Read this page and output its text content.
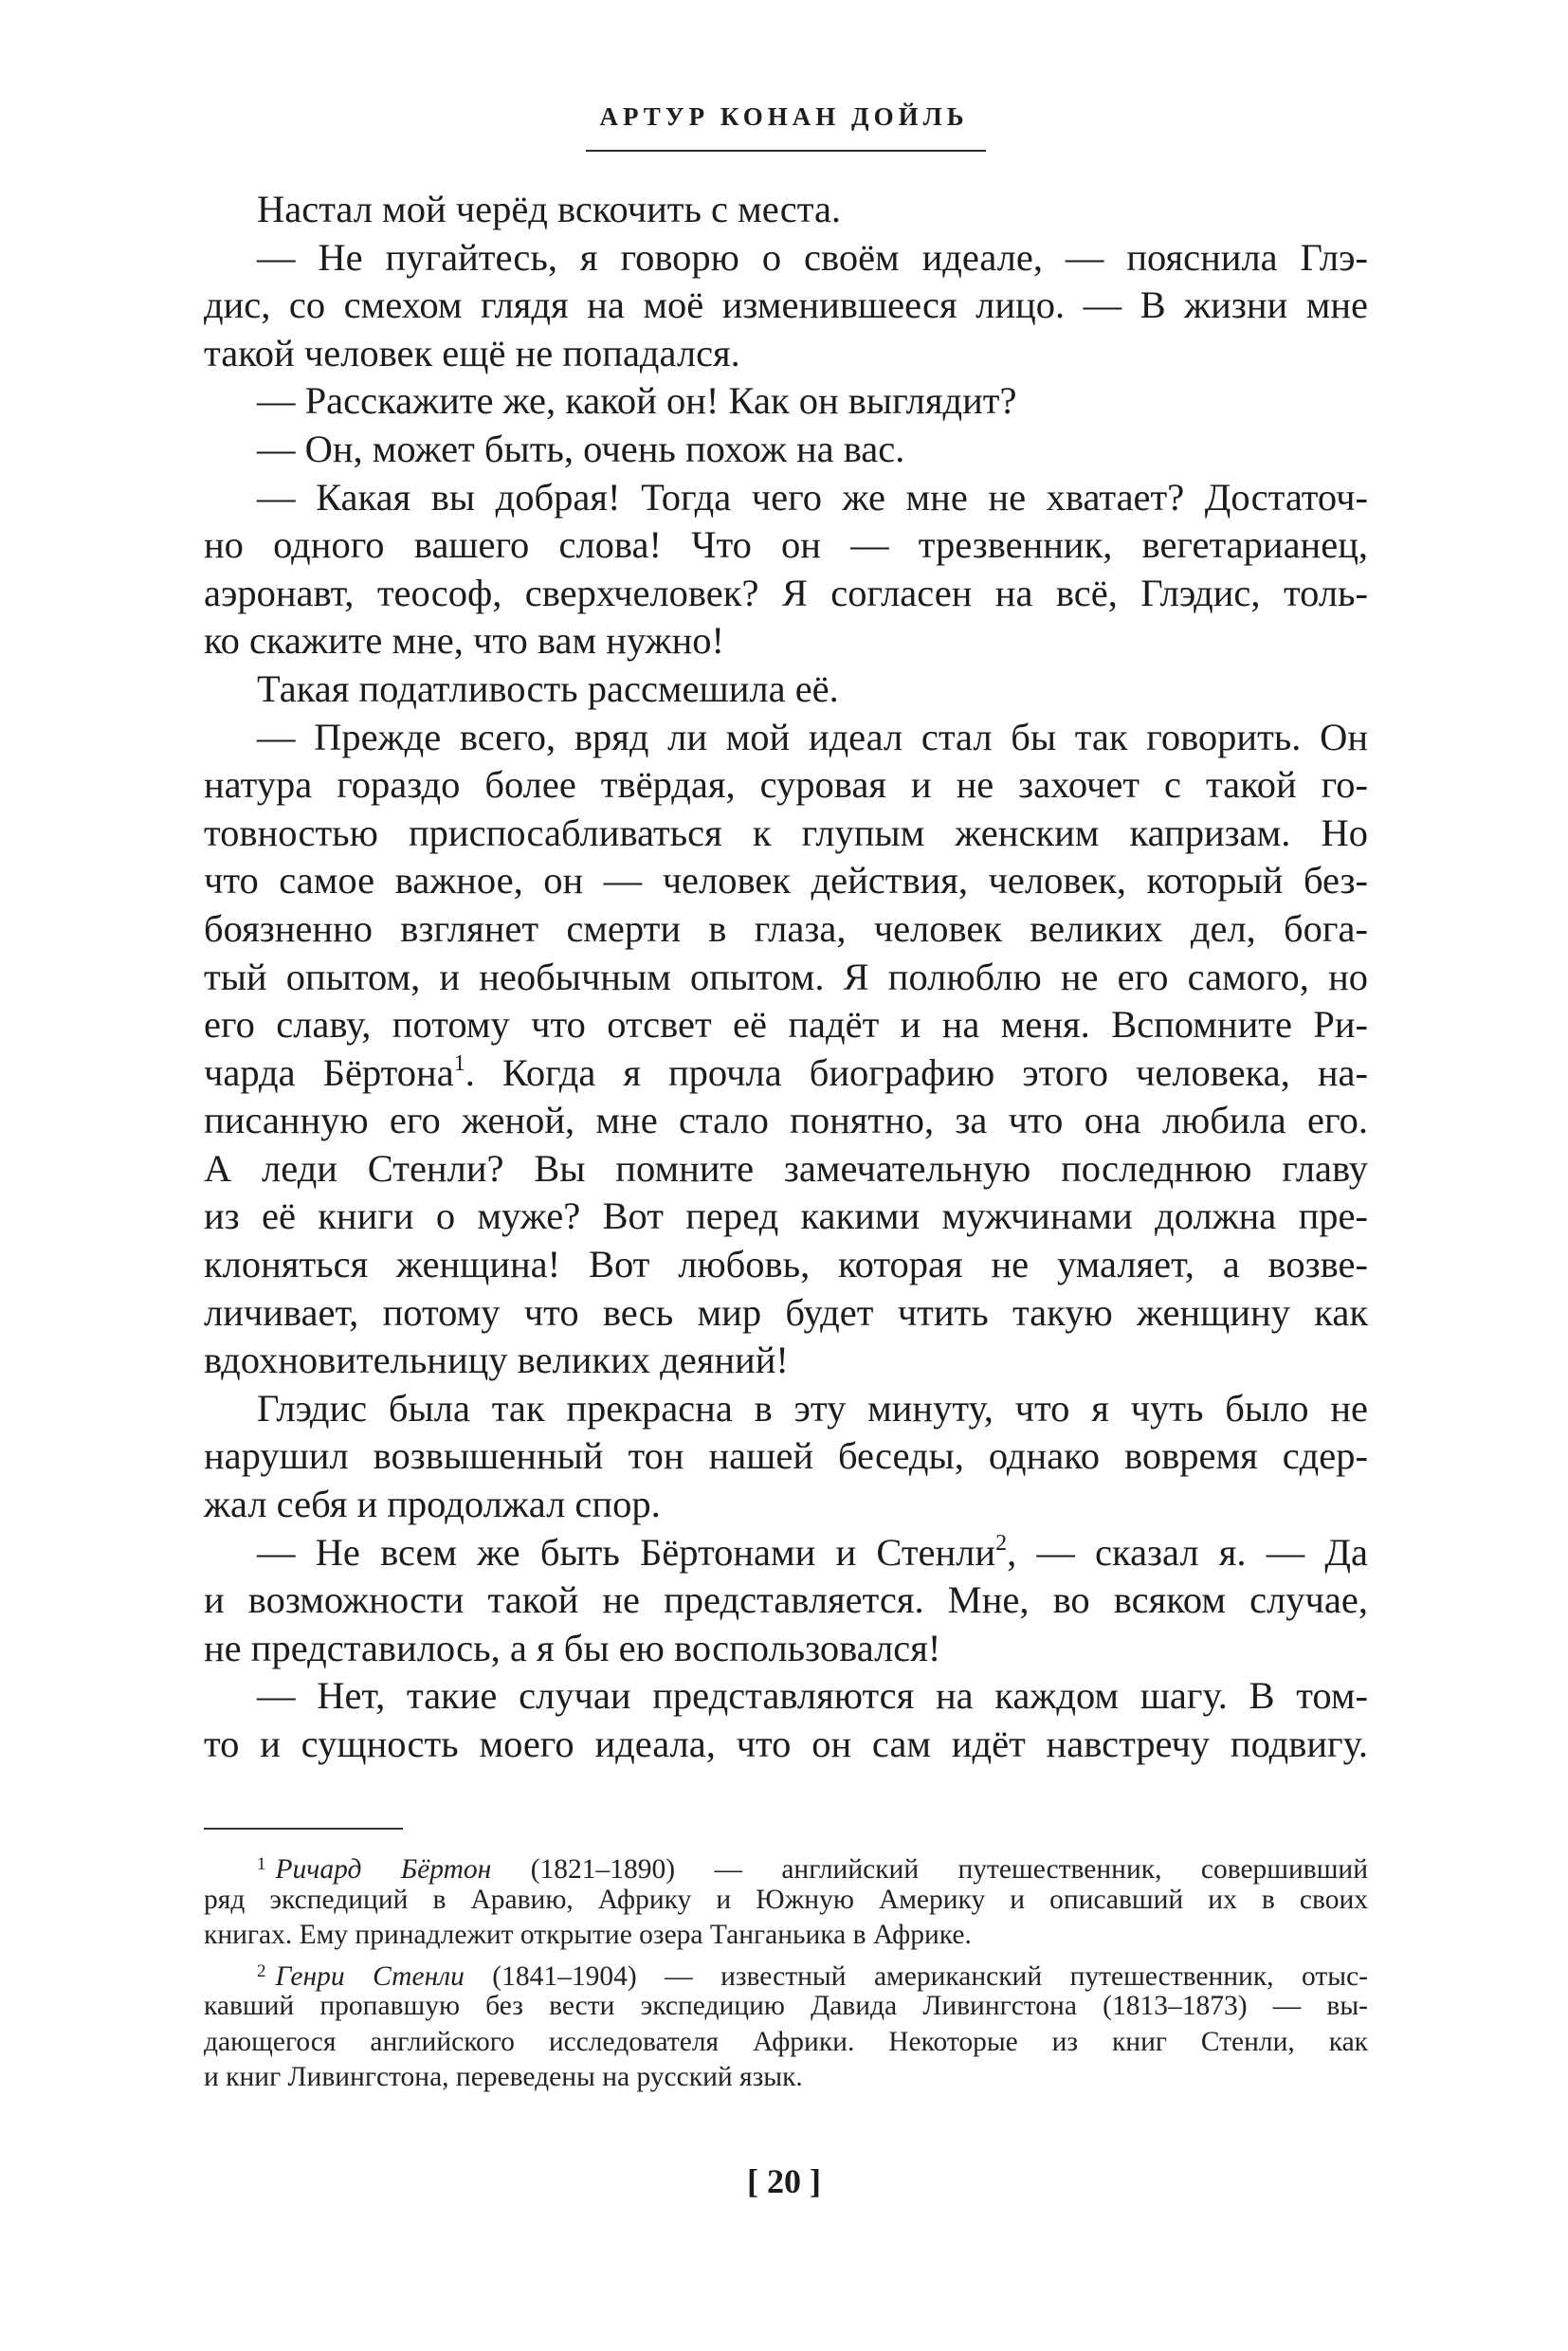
АРТУР КОНАН ДОЙЛЬ
Настал мой черёд вскочить с места.
— Не пугайтесь, я говорю о своём идеале, — пояснила Глэ-
дис, со смехом глядя на моё изменившееся лицо. — В жизни мне
такой человек ещё не попадался.
— Расскажите же, какой он! Как он выглядит?
— Он, может быть, очень похож на вас.
— Какая вы добрая! Тогда чего же мне не хватает? Достаточ-
но одного вашего слова! Что он — трезвенник, вегетарианец,
аэронавт, теософ, сверхчеловек? Я согласен на всё, Глэдис, толь-
ко скажите мне, что вам нужно!
Такая податливость рассмешила её.
— Прежде всего, вряд ли мой идеал стал бы так говорить. Он
натура гораздо более твёрдая, суровая и не захочет с такой го-
товностью приспосабливаться к глупым женским капризам. Но
что самое важное, он — человек действия, человек, который без-
боязненно взглянет смерти в глаза, человек великих дел, бога-
тый опытом, и необычным опытом. Я полюблю не его самого, но
его славу, потому что отсвет её падёт и на меня. Вспомните Ри-
чарда Бёртона$^1$. Когда я прочла биографию этого человека, на-
писанную его женой, мне стало понятно, за что она любила его.
А леди Стенли? Вы помните замечательную последнюю главу
из её книги о муже? Вот перед какими мужчинами должна пре-
клоняться женщина! Вот любовь, которая не умаляет, а возве-
личивает, потому что весь мир будет чтить такую женщину как
вдохновительницу великих деяний!
Глэдис была так прекрасна в эту минуту, что я чуть было не
нарушил возвышенный тон нашей беседы, однако вовремя сдер-
жал себя и продолжал спор.
— Не всем же быть Бёртонами и Стенли$^2$, — сказал я. — Да
и возможности такой не представляется. Мне, во всяком случае,
не представилось, а я бы ею воспользовался!
— Нет, такие случаи представляются на каждом шагу. В том-
то и сущность моего идеала, что он сам идёт навстречу подвигу.
$^1$ Ричард Бёртон (1821–1890) — английский путешественник, совершивший
ряд экспедиций в Аравию, Африку и Южную Америку и описавший их в своих
книгах. Ему принадлежит открытие озера Танганьика в Африке.
$^2$ Генри Стенли (1841–1904) — известный американский путешественник, отыс-
кавший пропавшую без вести экспедицию Давида Ливингстона (1813–1873) — вы-
дающегося английского исследователя Африки. Некоторые из книг Стенли, как
и книг Ливингстона, переведены на русский язык.
[ 20 ]
